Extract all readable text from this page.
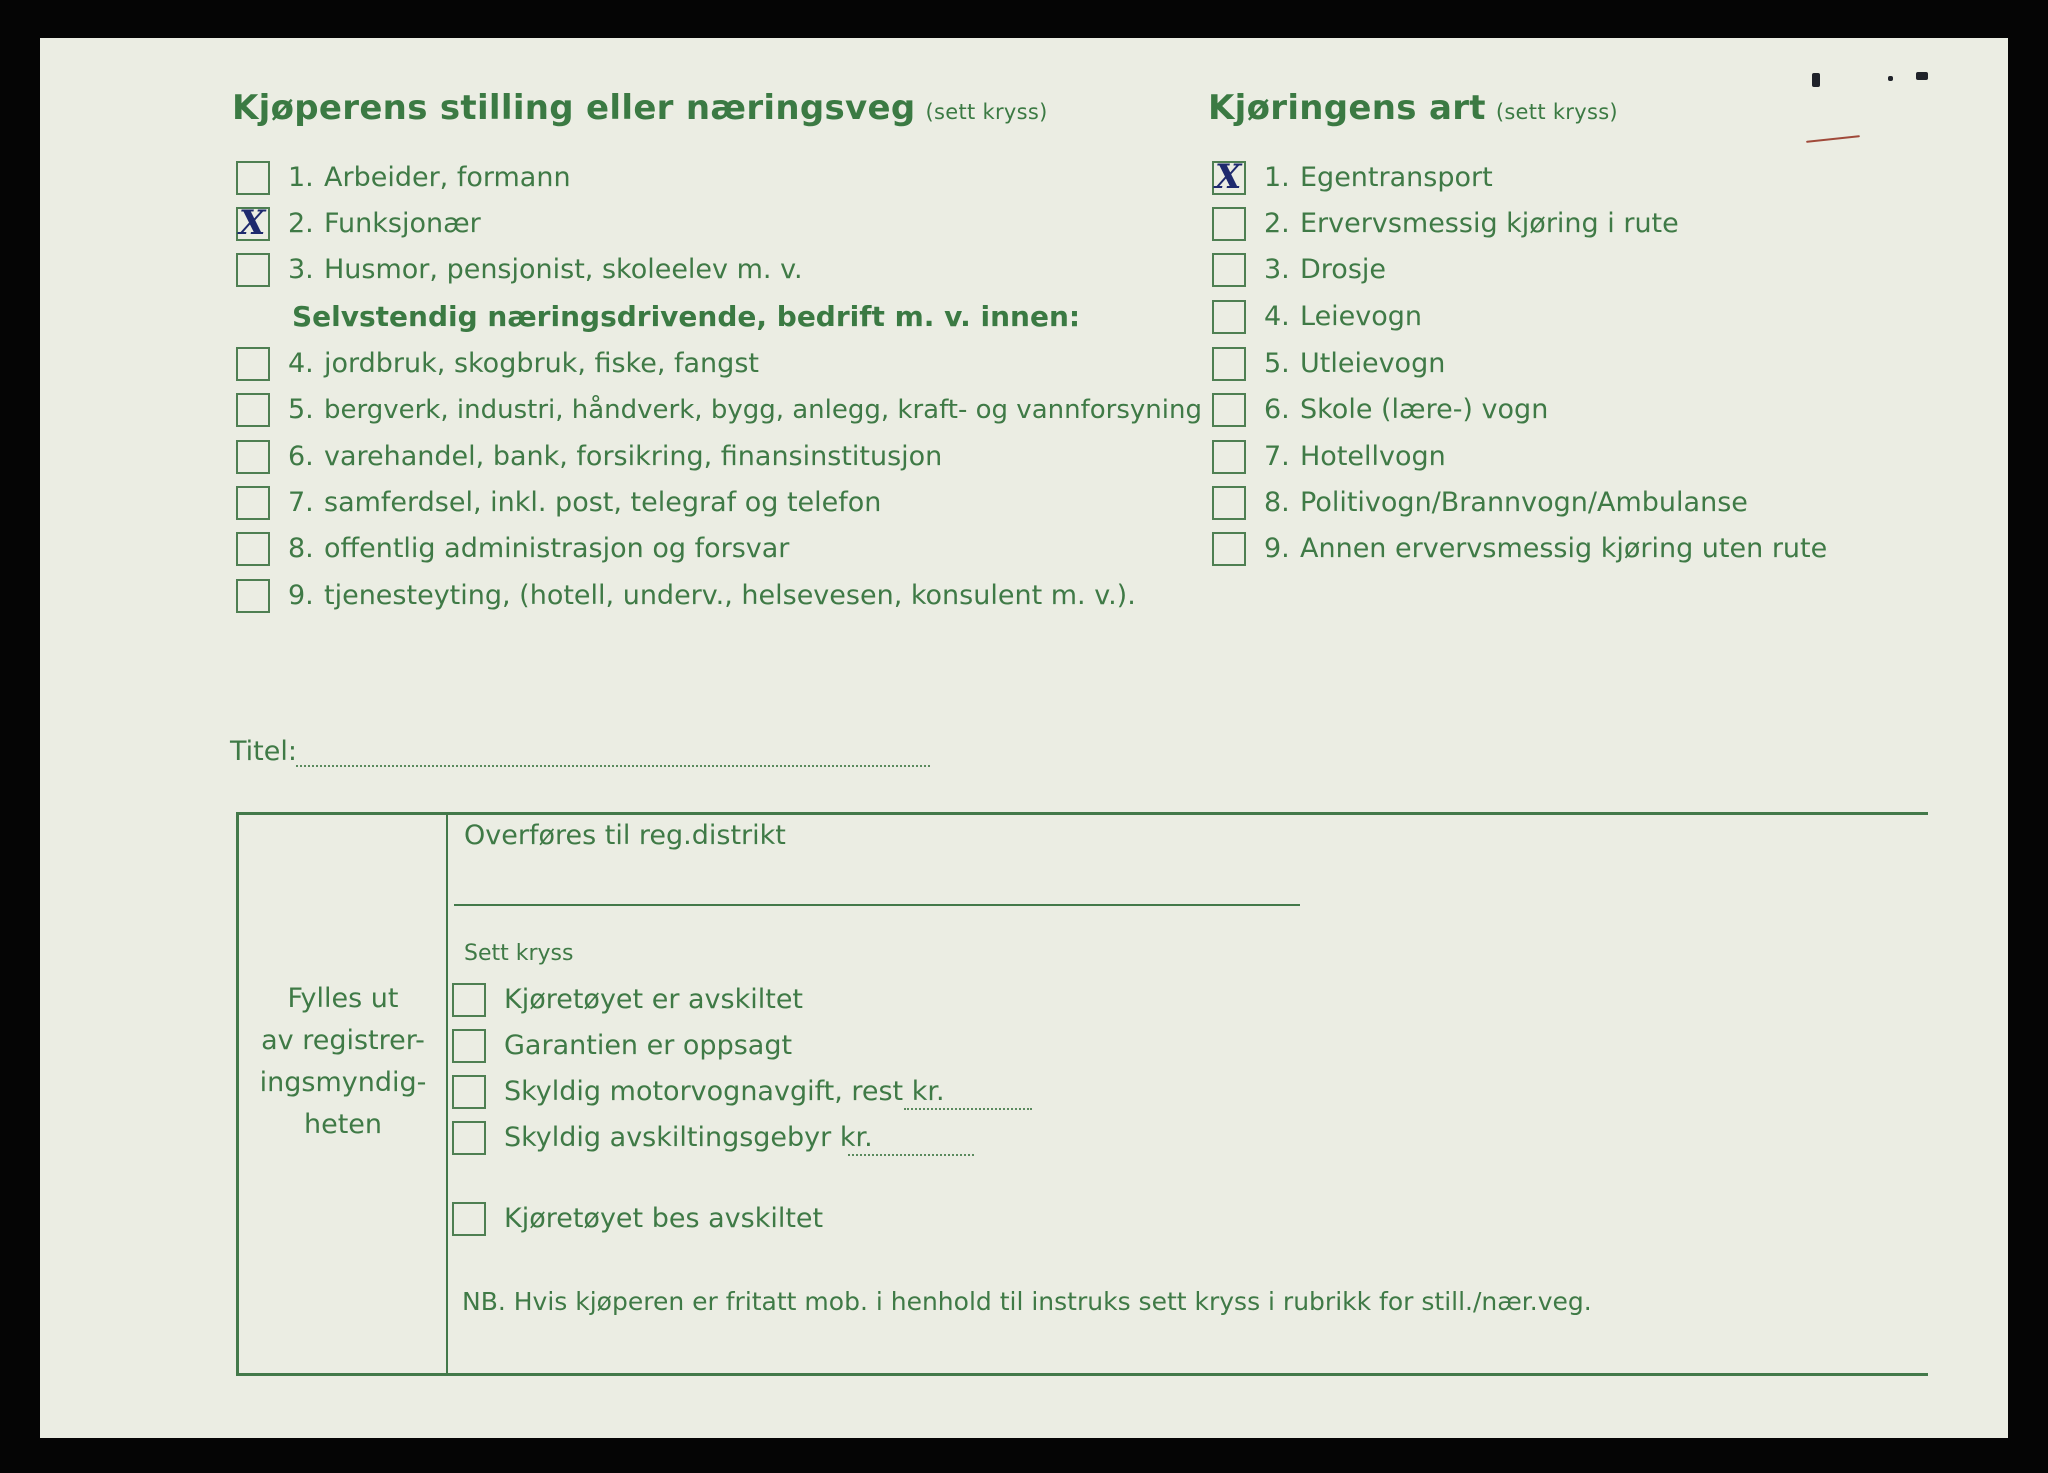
Kjøperens stilling eller næringsveg (sett kryss)	Kjøringens art (sett kryss)
1. Arbeider, formann
X 2. Funksjonær
3. Husmor, pensjonist, skoleelev m. v.
Selvstendig næringsdrivende, bedrift m. v. innen:
4. jordbruk, skogbruk, fiske, fangst
5. bergverk, industri, håndverk, bygg, anlegg, kraft- og vannforsyning
6. varehandel, bank, forsikring, finansinstitusjon
7. samferdsel, inkl. post, telegraf og telefon
8. offentlig administrasjon og forsvar
9. tjenesteyting, (hotell, underv., helsevesen, konsulent m. v.).
X 1. Egentransport
2. Ervervsmessig kjøring i rute
3. Drosje
4. Leievogn
5. Utleievogn
6. Skole (lære-) vogn
7. Hotellvogn
8. Politivogn/Brannvogn/Ambulanse
9. Annen ervervsmessig kjøring uten rute
Titel:
Fylles ut
av registrer-
ingsmyndig-
heten
Overføres til reg.distrikt
Sett kryss
Kjøretøyet er avskiltet
Garantien er oppsagt
Skyldig motorvognavgift, rest kr.
Skyldig avskiltingsgebyr kr.
Kjøretøyet bes avskiltet
NB. Hvis kjøperen er fritatt mob. i henhold til instruks sett kryss i rubrikk for still./nær.veg.
